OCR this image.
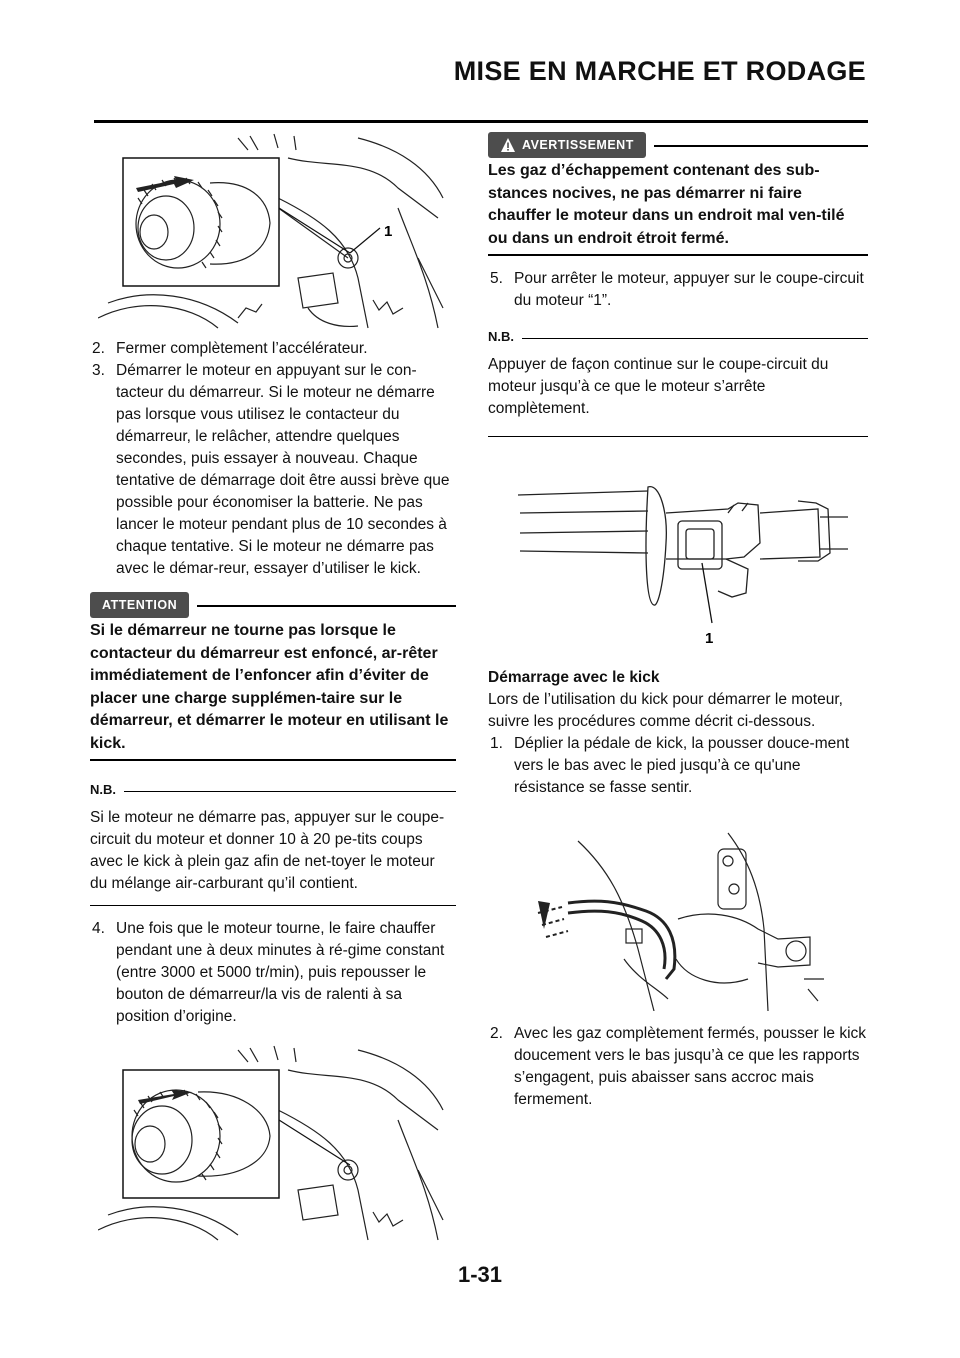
MISE EN MARCHE ET RODAGE
1
2. Fermer complètement l’accélérateur.
3. Démarrer le moteur en appuyant sur le con-tacteur du démarreur. Si le moteur ne démarre pas lorsque vous utilisez le contacteur du démarreur, le relâcher, attendre quelques secondes, puis essayer à nouveau. Chaque tentative de démarrage doit être aussi brève que possible pour économiser la batterie. Ne pas lancer le moteur pendant plus de 10 secondes à chaque tentative. Si le moteur ne démarre pas avec le démar-reur, essayer d’utiliser le kick.
ATTENTION

Si le démarreur ne tourne pas lorsque le contacteur du démarreur est enfoncé, ar-rêter immédiatement de l’enfoncer afin d’éviter de placer une charge supplémen-taire sur le démarreur, et démarrer le moteur en utilisant le kick.

N.B.

Si le moteur ne démarre pas, appuyer sur le coupe-circuit du moteur et donner 10 à 20 pe-tits coups avec le kick à plein gaz afin de net-toyer le moteur du mélange air-carburant qu’il contient.

4. Une fois que le moteur tourne, le faire chauffer pendant une à deux minutes à ré-gime constant (entre 3000 et 5000 tr/min), puis repousser le bouton de démarreur/la vis de ralenti à sa position d’origine.
AVERTISSEMENT

Les gaz d’échappement contenant des sub-stances nocives, ne pas démarrer ni faire chauffer le moteur dans un endroit mal ven-tilé ou dans un endroit étroit fermé.

5. Pour arrêter le moteur, appuyer sur le coupe-circuit du moteur “1”.
N.B.

Appuyer de façon continue sur le coupe-circuit du moteur jusqu’à ce que le moteur s’arrête complètement.

1

Démarrage avec le kick

Lors de l’utilisation du kick pour démarrer le moteur, suivre les procédures comme décrit ci-dessous.

1. Déplier la pédale de kick, la pousser douce-ment vers le bas avec le pied jusqu’à ce qu'une résistance se fasse sentir.
2. Avec les gaz complètement fermés, pousser le kick doucement vers le bas jusqu’à ce que les rapports s’engagent, puis abaisser sans accroc mais fermement.
1-31
